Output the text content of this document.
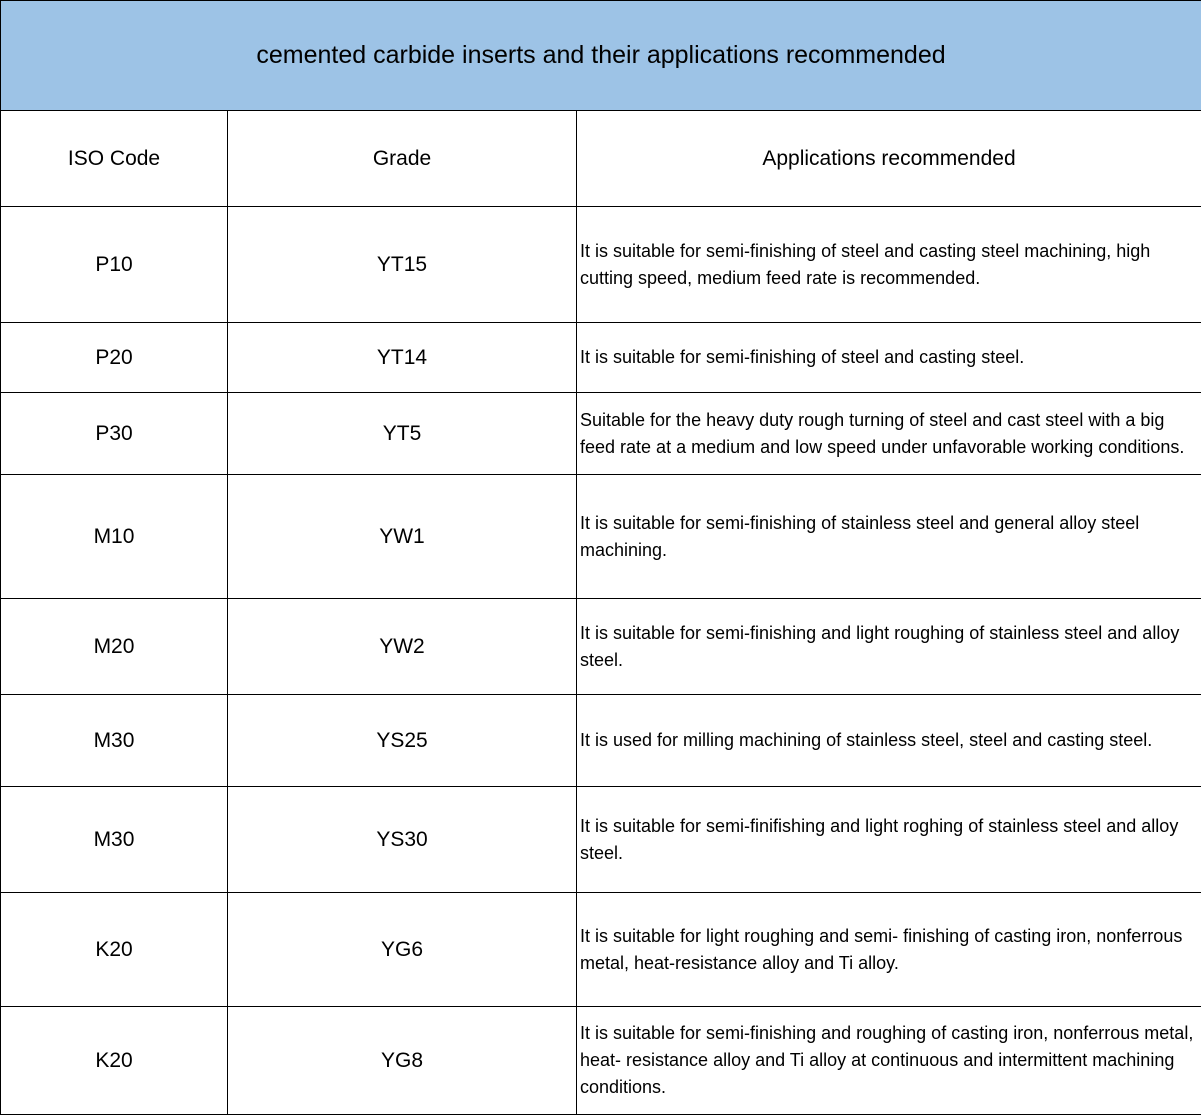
cemented carbide inserts and their applications recommended		
ISO Code	Grade	Applications recommended
P10	YT15	It is suitable for semi-finishing of steel and casting steel machining, high cutting speed, medium feed rate is recommended.
P20	YT14	It is suitable for semi-finishing of steel and casting steel.
P30	YT5	Suitable for the heavy duty rough turning of steel and cast steel with a big feed rate at a medium and low speed under unfavorable working conditions.
M10	YW1	It is suitable for semi-finishing of stainless steel and general alloy steel machining.
M20	YW2	It is suitable for semi-finishing and light roughing of stainless steel and alloy steel.
M30	YS25	It is used for milling machining of stainless steel, steel and casting steel.
M30	YS30	It is suitable for semi-finifishing and light roghing of stainless steel and alloy steel.
K20	YG6	It is suitable for light roughing and semi- finishing of casting iron, nonferrous metal, heat-resistance alloy and Ti alloy.
K20	YG8	It is suitable for semi-finishing and roughing of casting iron, nonferrous metal, heat- resistance alloy and Ti alloy at continuous and intermittent machining conditions.
